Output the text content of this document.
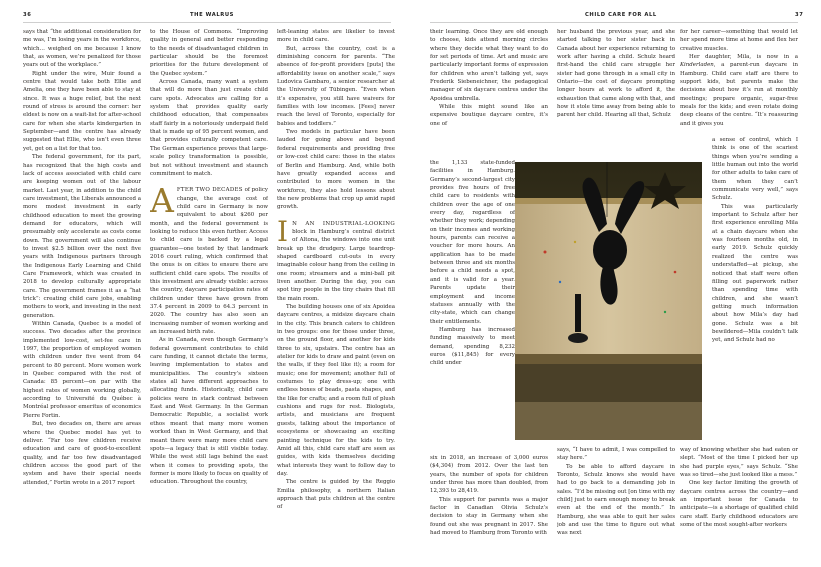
36	THE WALRUS	CHILD CARE FOR ALL	37

says that “the additional consideration for me was, I’m losing years in the workforce, which… weighed on me because I know that, as women, we’re penalized for those years out of the workplace.”

Right under the wire, Muir found a centre that would take both Ellie and Amelia, one they have been able to stay at since. It was a huge relief, but the next round of stress is around the corner: her eldest is now on a wait-list for after-school care for when she starts kindergarten in September—and the centre has already suggested that Ellie, who isn’t even three yet, get on a list for that too.

The federal government, for its part, has recognized that the high costs and lack of access associated with child care are keeping women out of the labour market. Last year, in addition to the child care investment, the Liberals announced a more modest investment in early childhood education to meet the growing demand for educators, which will presumably only accelerate as costs come down. The government will also continue to invest $2.5 billion over the next five years with Indigenous partners through the Indigenous Early Learning and Child Care Framework, which was created in 2018 to develop culturally appropriate care. The government frames it as a “hat trick”: creating child care jobs, enabling mothers to work, and investing in the next generation.

Within Canada, Quebec is a model of success. Two decades after the province implemented low-cost, set-fee care in 1997, the proportion of employed women with children under five went from 64 percent to 80 percent. More women work in Quebec compared with the rest of Canada: 85 percent—on par with the highest rates of women working globally, according to Université du Québec à Montréal professor emeritus of economics Pierre Fortin.

But, two decades on, there are areas where the Quebec model has yet to deliver. “Far too few children receive education and care of good-to-excellent quality, and far too few disadvantaged children access the good part of the system and have their special needs attended,” Fortin wrote in a 2017 report

to the House of Commons. “Improving quality in general and better responding to the needs of disadvantaged children in particular should be the foremost priorities for the future development of the Quebec system.”

Across Canada, many want a system that will do more than just create child care spots. Advocates are calling for a system that provides quality early childhood education, that compensates staff fairly in a notoriously underpaid field that is made up of 95 percent women, and that provides culturally competent care. The German experience proves that large-scale policy transformation is possible, but not without investment and staunch commitment to match.

AFTER TWO DECADES of policy change, the average cost of child care in Germany is now equivalent to about $260 per month, and the federal government is looking to reduce this even further. Access to child care is backed by a legal guarantee—one tested by that landmark 2016 court ruling, which confirmed that the onus is on cities to ensure there are sufficient child care spots. The results of this investment are already visible: across the country, daycare participation rates of children under three have grown from 37.4 percent in 2009 to 64.3 percent in 2020. The country has also seen an increasing number of women working and an increased birth rate.

As in Canada, even though Germany’s federal government contributes to child care funding, it cannot dictate the terms, leaving implementation to states and municipalities. The country’s sixteen states all have different approaches to allocating funds. Historically, child care policies were in stark contrast between East and West Germany. In the German Democratic Republic, a socialist work ethos meant that many more women worked than in West Germany, and that meant there were many more child care spots—a legacy that is still visible today. While the west still lags behind the east when it comes to providing spots, the former is more likely to focus on quality of education. Throughout the country,

left-leaning states are likelier to invest more in child care.

But, across the country, cost is a diminishing concern for parents. “The absence of for-profit providers [puts] the affordability issue on another scale,” says Ludovica Gambaro, a senior researcher at the University of Tübingen. “Even when it’s expensive, you still have waivers for families with low incomes. [Fees] never reach the level of Toronto, especially for babies and toddlers.”

Two models in particular have been lauded for going above and beyond federal requirements and providing free or low-cost child care: those in the states of Berlin and Hamburg. And, while both have greatly expanded access and contributed to more women in the workforce, they also hold lessons about the new problems that crop up amid rapid growth.

I N AN INDUSTRIAL-LOOKING block in Hamburg’s central district of Altona, the windows into one unit break up the drudgery. Large teardrop-shaped cardboard cut-outs in every imaginable colour hang from the ceiling in one room; streamers and a mini-ball pit liven another. During the day, you can spot tiny people in the tiny chairs that fill the main room.

The building houses one of six Apoidea daycare centres, a midsize daycare chain in the city. This branch caters to children in two groups: one for those under three, on the ground floor, and another for kids three to six, upstairs. The centre has an atelier for kids to draw and paint (even on the walls, if they feel like it); a room for music; one for movement; another full of costumes to play dress-up; one with endless boxes of beads, pasta shapes, and the like for crafts; and a room full of plush cushions and rugs for rest. Biologists, artists, and musicians are frequent guests, talking about the importance of ecosystems or showcasing an exciting painting technique for the kids to try. Amid all this, child care staff are seen as guides, with kids themselves deciding what interests they want to follow day to day.

The centre is guided by the Reggio Emilia philosophy, a northern Italian approach that puts children at the centre of

their learning. Once they are old enough to choose, kids attend morning circles where they decide what they want to do for set periods of time. Art and music are particularly important forms of expression for children who aren’t talking yet, says Frederik Siebeneichner, the pedagogical manager of six daycare centres under the Apoidea umbrella.

While this might sound like an expensive boutique daycare centre, it’s one of

the 1,133 state-funded facilities in Hamburg. Germany’s second-largest city provides five hours of free child care to residents with children over the age of one every day, regardless of whether they work; depending on their incomes and working hours, parents can receive a voucher for more hours. An application has to be made between three and six months before a child needs a spot, and it is valid for a year. Parents update their employment and income statuses annually with the city-state, which can change their entitlements.

Hamburg has increased funding massively to meet demand, spending 8,232 euros ($11,845) for every child under

six in 2018, an increase of 3,000 euros ($4,304) from 2012. Over the last ten years, the number of spots for children under three has more than doubled, from 12,393 to 28,419.

This support for parents was a major factor in Canadian Olivia Schulz’s decision to stay in Germany when she found out she was pregnant in 2017. She had moved to Hamburg from Toronto with

her husband the previous year, and she started talking to her sister back in Canada about her experience returning to work after having a child. Schulz heard first-hand the child care struggle her sister had gone through in a small city in Ontario—the cost of daycare prompting longer hours at work to afford it, the exhaustion that came along with that, and how it stole time away from being able to parent her child. Hearing all that, Schulz

says, “I have to admit, I was compelled to stay here.”

To be able to afford daycare in Toronto, Schulz knows she would have had to go back to a demanding job in sales. “I’d be missing out [on time with my child] just to earn enough money to break even at the end of the month.” In Hamburg, she was able to quit her sales job and use the time to figure out what was next

for her career—something that would let her spend more time at home and flex her creative muscles.

Her daughter, Mila, is now in a Kinderladen, a parent-run daycare in Hamburg. Child care staff are there to support kids, but parents make the decisions about how it’s run at monthly meetings; prepare organic, sugar-free meals for the kids; and even rotate doing deep cleans of the centre. “It’s reassuring and it gives you

a sense of control, which I think is one of the scariest things when you’re sending a little human out into the world for other adults to take care of them when they can’t communicate very well,” says Schulz.

This was particularly important to Schulz after her first experience enrolling Mila at a chain daycare when she was fourteen months old, in early 2019. Schulz quickly realized the centre was understaffed—at pickup, she noticed that staff were often filling out paperwork rather than spending time with children, and she wasn’t getting much information about how Mila’s day had gone. Schulz was a bit bewildered—Mila couldn’t talk yet, and Schulz had no

way of knowing whether she had eaten or slept. “Most of the time I picked her up she had purple eyes,” says Schulz. “She was so tired—she just looked like a mess.”

One key factor limiting the growth of daycare centres across the country—and an important issue for Canada to anticipate—is a shortage of qualified child care staff. Early childhood educators are some of the most sought-after workers
